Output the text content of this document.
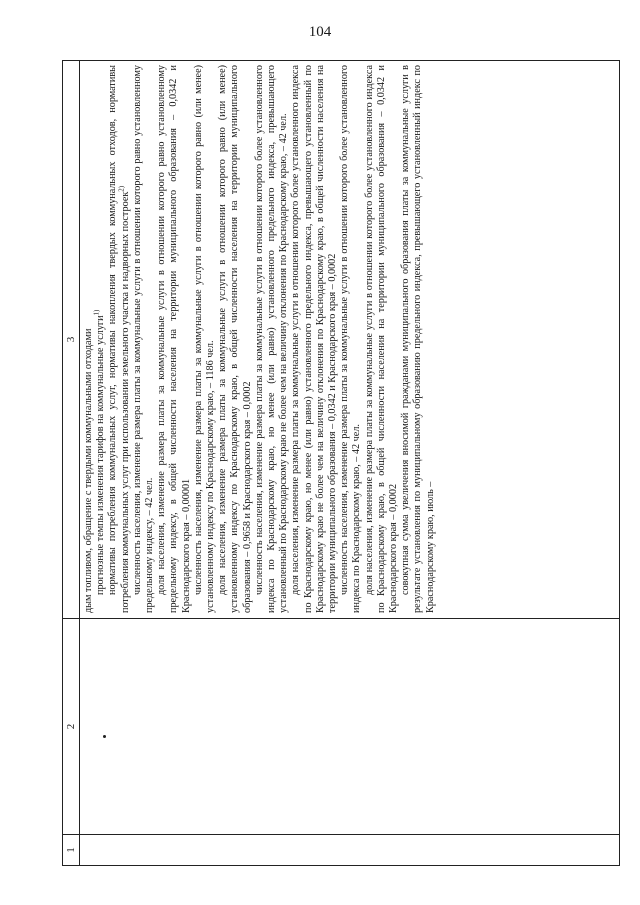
104
1
2
3 дым топливом, обращение с твердыми коммунальными отходами прогнозные темпы изменения тарифов на коммунальные услуги$^{1)}$ нормативы потребления коммунальных услуг, нормативы накопления твердых коммунальных отходов, нормативы потребления коммунальных услуг при использовании земельного участка и надворных построек$^{2)}$ численность населения, изменение размера платы за коммунальные услуги в отношении которого равно установленному предельному индексу, – 42 чел. доля населения, изменение размера платы за коммунальные услуги в отношении которого равно установленному предельному индексу, в общей численности населения на территории муниципального образования – 0,0342 и Краснодарского края – 0,00001 численность населения, изменение размера платы за коммунальные услуги в отношении которого равно (или менее) установленному индексу по Краснодарскому краю, – 1186 чел. доля населения, изменение размера платы за коммунальные услуги в отношении которого равно (или менее) установленному индексу по Краснодарскому краю, в общей численности населения на территории муниципального образования – 0,9658 и Краснодарского края – 0,0002 численность населения, изменение размера платы за коммунальные услуги в отношении которого более установленного индекса по Краснодарскому краю, но менее (или равно) установленного предельного индекса, превышающего установленный по Краснодарскому краю не более чем на величину отклонения по Краснодарскому краю, – 42 чел. доля населения, изменение размера платы за коммунальные услуги в отношении которого более установленного индекса по Краснодарскому краю, но менее (или равно) установленного предельного индекса, превышающего установленный по Краснодарскому краю не более чем на величину отклонения по Краснодарскому краю, в общей численности населения на территории муниципального образования – 0,0342 и Краснодарского края – 0,0002 численность населения, изменение размера платы за коммунальные услуги в отношении которого более установленного индекса по Краснодарскому краю, – 42 чел. доля населения, изменение размера платы за коммунальные услуги в отношении которого более установленного индекса по Краснодарскому краю, в общей численности населения на территории муниципального образования – 0,0342 и Краснодарского края – 0,0002 совокупная сумма увеличения вносимой гражданами муниципального образования платы за коммунальные услуги в результате установления по муниципальному образованию предельного индекса, превышающего установленный индекс по Краснодарскому краю, июль –
